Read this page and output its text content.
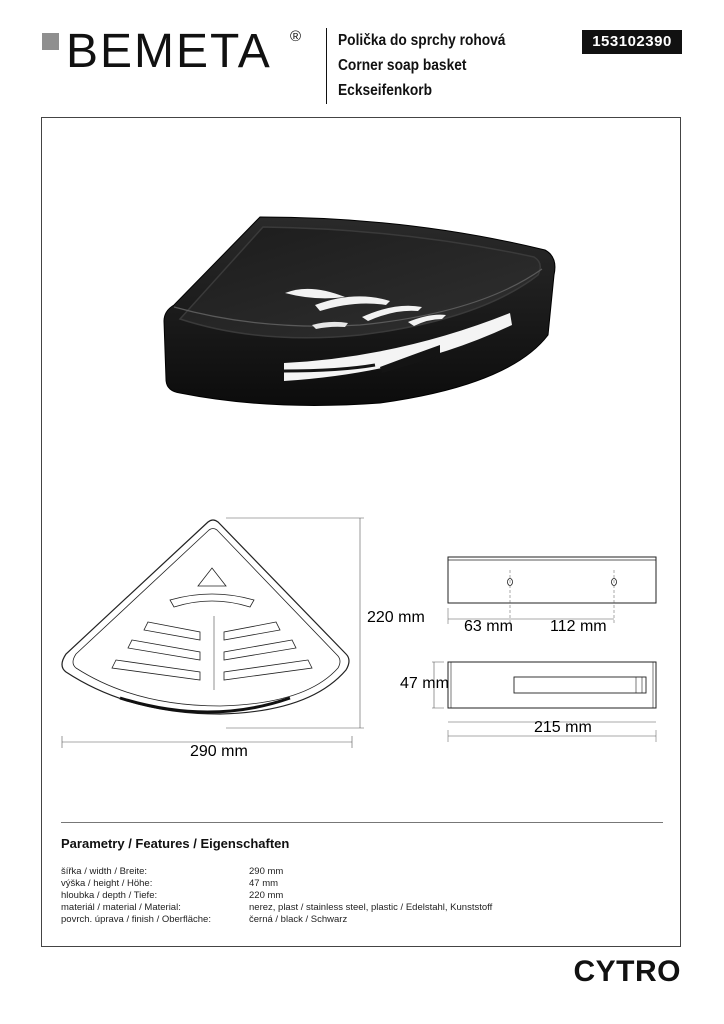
BEMETA ® Polička do sprchy rohová
Corner soap basket
Eckseifenkorb
153102390
220 mm
290 mm
63 mm 112 mm
47 mm
215 mm
Parametry / Features / Eigenschaften
šířka / width / Breite:	290 mm
výška / height / Höhe:	47 mm
hloubka / depth / Tiefe:	220 mm
materiál / material / Material:	nerez, plast / stainless steel, plastic / Edelstahl, Kunststoff
povrch. úprava / finish / Oberfläche:	černá / black / Schwarz
CYTRO
